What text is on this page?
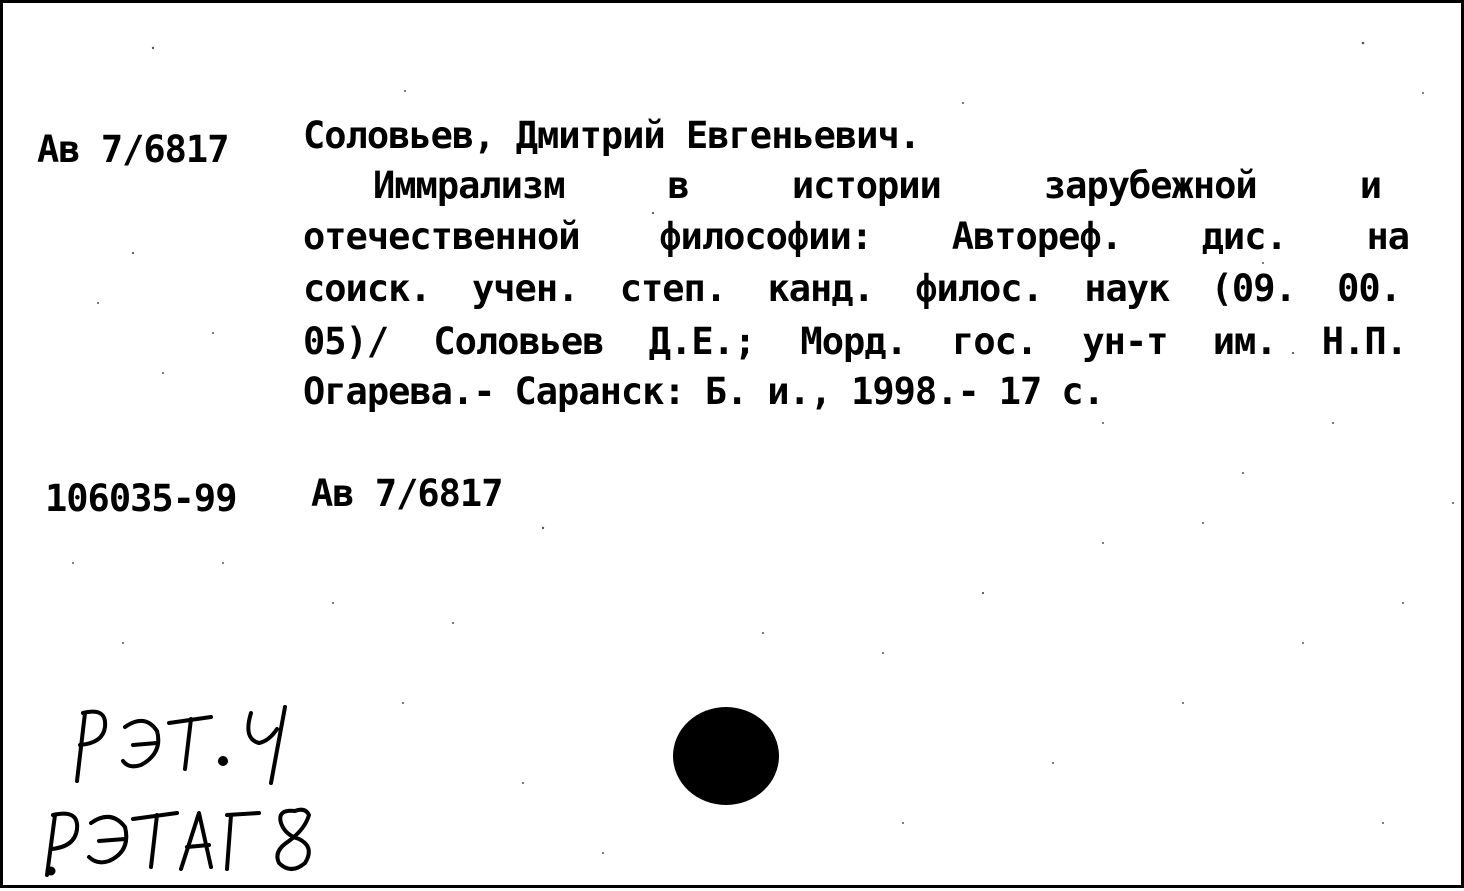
Ав 7/6817 Соловьев, Дмитрий Евгеньевич.
Иммрализм	в	истории	зарубежной	и
отечественной философии: Автореф. дис. на
соиск. учен. степ. канд. филос. наук (09. 00.
05)/ Соловьев Д.Е.; Морд. гос. ун-т им. Н.П.
Огарева.- Саранск: Б. и., 1998.- 17 с.
106035-99 Ав 7/6817
